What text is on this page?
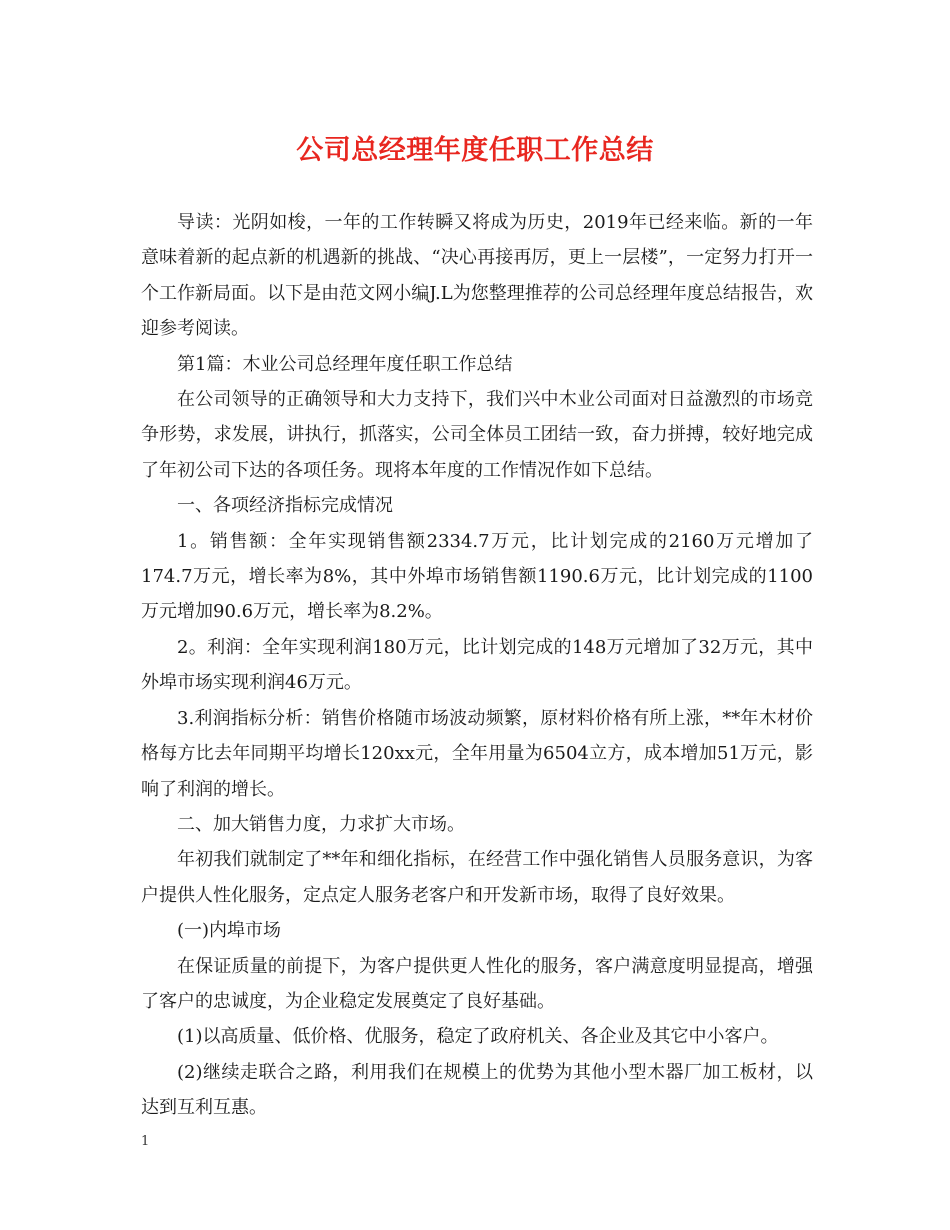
公司总经理年度任职工作总结

导读：光阴如梭，一年的工作转瞬又将成为历史，2019年已经来临。新的一年意味着新的起点新的机遇新的挑战、“决心再接再厉，更上一层楼”，一定努力打开一个工作新局面。以下是由范文网小编J.L为您整理推荐的公司总经理年度总结报告，欢迎参考阅读。

第1篇：木业公司总经理年度任职工作总结

在公司领导的正确领导和大力支持下，我们兴中木业公司面对日益激烈的市场竞争形势，求发展，讲执行，抓落实，公司全体员工团结一致，奋力拼搏，较好地完成了年初公司下达的各项任务。现将本年度的工作情况作如下总结。

一、各项经济指标完成情况

1。销售额：全年实现销售额2334.7万元，比计划完成的2160万元增加了174.7万元，增长率为8%，其中外埠市场销售额1190.6万元，比计划完成的1100万元增加90.6万元，增长率为8.2%。

2。利润：全年实现利润180万元，比计划完成的148万元增加了32万元，其中外埠市场实现利润46万元。

3.利润指标分析：销售价格随市场波动频繁，原材料价格有所上涨，**年木材价格每方比去年同期平均增长120xx元，全年用量为6504立方，成本增加51万元，影响了利润的增长。

二、加大销售力度，力求扩大市场。

年初我们就制定了**年和细化指标，在经营工作中强化销售人员服务意识，为客户提供人性化服务，定点定人服务老客户和开发新市场，取得了良好效果。

(一)内埠市场

在保证质量的前提下，为客户提供更人性化的服务，客户满意度明显提高，增强了客户的忠诚度，为企业稳定发展奠定了良好基础。

(1)以高质量、低价格、优服务，稳定了政府机关、各企业及其它中小客户。

(2)继续走联合之路，利用我们在规模上的优势为其他小型木器厂加工板材，以达到互利互惠。

1
